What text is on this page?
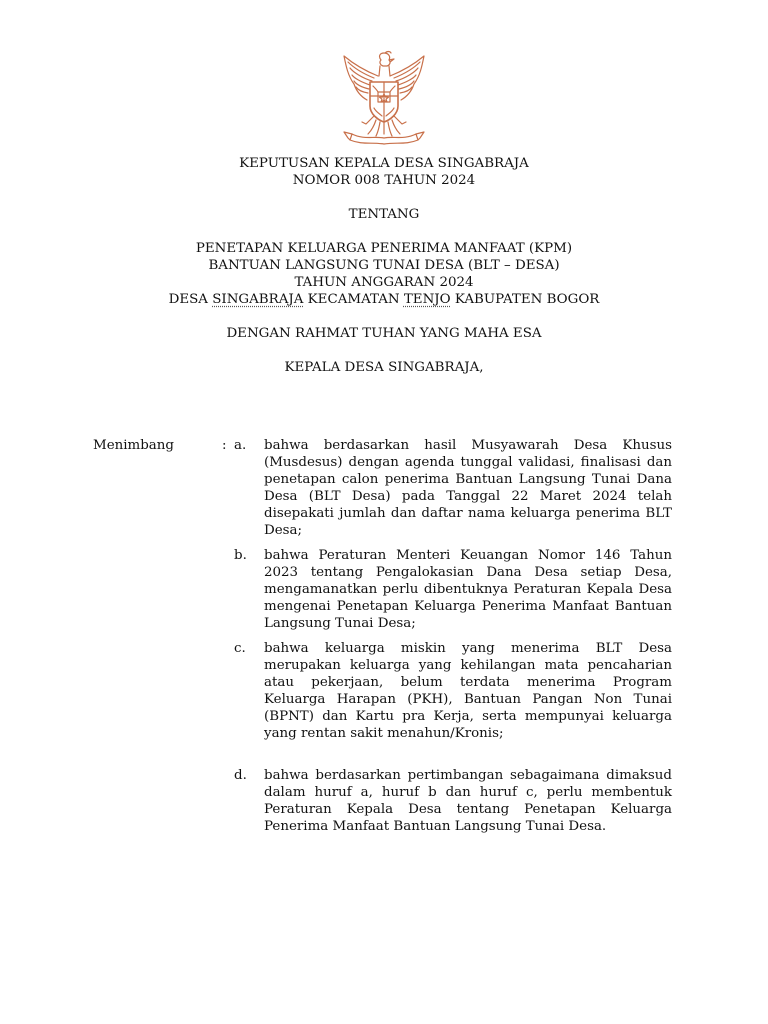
KEPUTUSAN KEPALA DESA SINGABRAJA
NOMOR 008 TAHUN 2024
TENTANG
PENETAPAN KELUARGA PENERIMA MANFAAT (KPM)
BANTUAN LANGSUNG TUNAI DESA (BLT – DESA)
TAHUN ANGGARAN 2024
DESA SINGABRAJA KECAMATAN TENJO KABUPATEN BOGOR
DENGAN RAHMAT TUHAN YANG MAHA ESA
KEPALA DESA SINGABRAJA,
Menimbang	: a.	bahwa berdasarkan hasil Musyawarah Desa Khusus (Musdesus) dengan agenda tunggal validasi, finalisasi dan penetapan calon penerima Bantuan Langsung Tunai Dana Desa (BLT Desa) pada Tanggal 22 Maret 2024 telah disepakati jumlah dan daftar nama keluarga penerima BLT Desa;
b.	bahwa Peraturan Menteri Keuangan Nomor 146 Tahun 2023 tentang Pengalokasian Dana Desa setiap Desa, mengamanatkan perlu dibentuknya Peraturan Kepala Desa mengenai Penetapan Keluarga Penerima Manfaat Bantuan Langsung Tunai Desa;
c.	bahwa keluarga miskin yang menerima BLT Desa merupakan keluarga yang kehilangan mata pencaharian atau pekerjaan, belum terdata menerima Program Keluarga Harapan (PKH), Bantuan Pangan Non Tunai (BPNT) dan Kartu pra Kerja, serta mempunyai keluarga yang rentan sakit menahun/Kronis;
d.	bahwa berdasarkan pertimbangan sebagaimana dimaksud dalam huruf a, huruf b dan huruf c, perlu membentuk Peraturan Kepala Desa tentang Penetapan Keluarga Penerima Manfaat Bantuan Langsung Tunai Desa.
